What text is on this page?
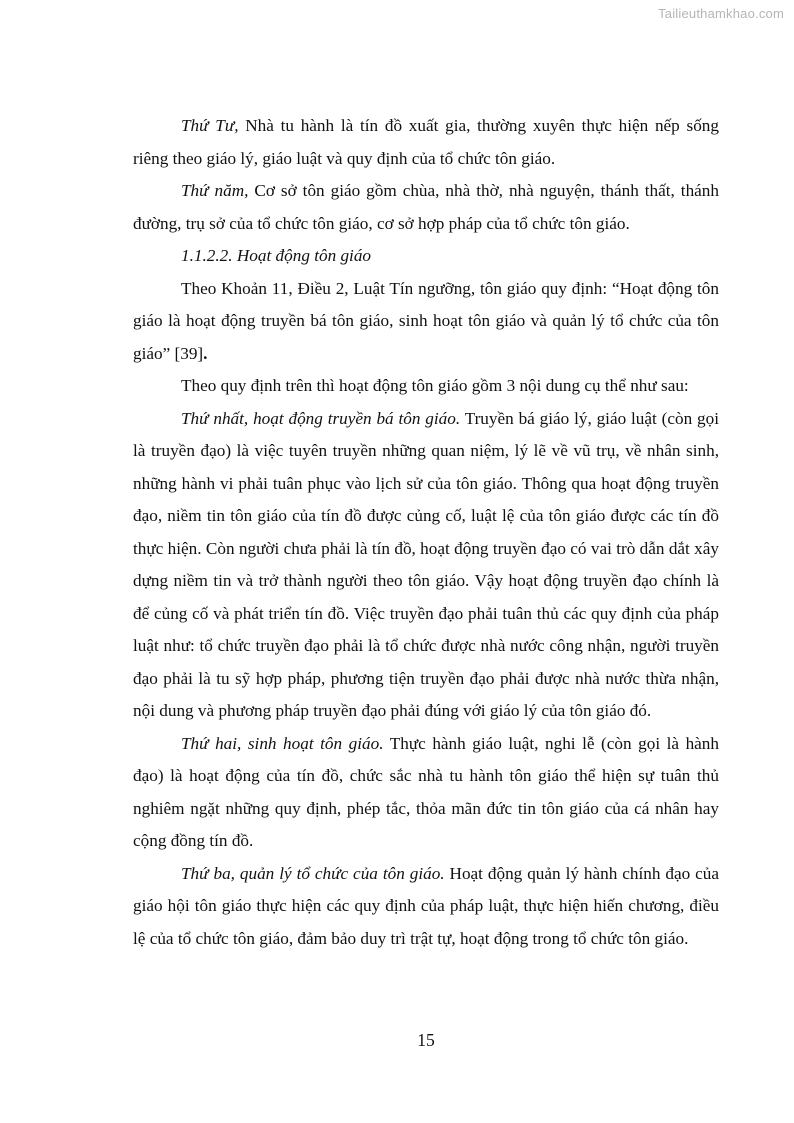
Tailieuthamkhao.com

Thứ Tư, Nhà tu hành là tín đồ xuất gia, thường xuyên thực hiện nếp sống riêng theo giáo lý, giáo luật và quy định của tổ chức tôn giáo.

Thứ năm, Cơ sở tôn giáo gồm chùa, nhà thờ, nhà nguyện, thánh thất, thánh đường, trụ sở của tổ chức tôn giáo, cơ sở hợp pháp của tổ chức tôn giáo.

1.1.2.2. Hoạt động tôn giáo

Theo Khoản 11, Điều 2, Luật Tín ngưỡng, tôn giáo quy định: “Hoạt động tôn giáo là hoạt động truyền bá tôn giáo, sinh hoạt tôn giáo và quản lý tổ chức của tôn giáo” [39].

Theo quy định trên thì hoạt động tôn giáo gồm 3 nội dung cụ thể như sau:

Thứ nhất, hoạt động truyền bá tôn giáo. Truyền bá giáo lý, giáo luật (còn gọi là truyền đạo) là việc tuyên truyền những quan niệm, lý lẽ về vũ trụ, về nhân sinh, những hành vi phải tuân phục vào lịch sử của tôn giáo. Thông qua hoạt động truyền đạo, niềm tin tôn giáo của tín đồ được củng cố, luật lệ của tôn giáo được các tín đồ thực hiện. Còn người chưa phải là tín đồ, hoạt động truyền đạo có vai trò dẫn dắt xây dựng niềm tin và trở thành người theo tôn giáo. Vậy hoạt động truyền đạo chính là để củng cố và phát triển tín đồ. Việc truyền đạo phải tuân thủ các quy định của pháp luật như: tổ chức truyền đạo phải là tổ chức được nhà nước công nhận, người truyền đạo phải là tu sỹ hợp pháp, phương tiện truyền đạo phải được nhà nước thừa nhận, nội dung và phương pháp truyền đạo phải đúng với giáo lý của tôn giáo đó.

Thứ hai, sinh hoạt tôn giáo. Thực hành giáo luật, nghi lễ (còn gọi là hành đạo) là hoạt động của tín đồ, chức sắc nhà tu hành tôn giáo thể hiện sự tuân thủ nghiêm ngặt những quy định, phép tắc, thỏa mãn đức tin tôn giáo của cá nhân hay cộng đồng tín đồ.

Thứ ba, quản lý tổ chức của tôn giáo. Hoạt động quản lý hành chính đạo của giáo hội tôn giáo thực hiện các quy định của pháp luật, thực hiện hiến chương, điều lệ của tổ chức tôn giáo, đảm bảo duy trì trật tự, hoạt động trong tổ chức tôn giáo.

15
